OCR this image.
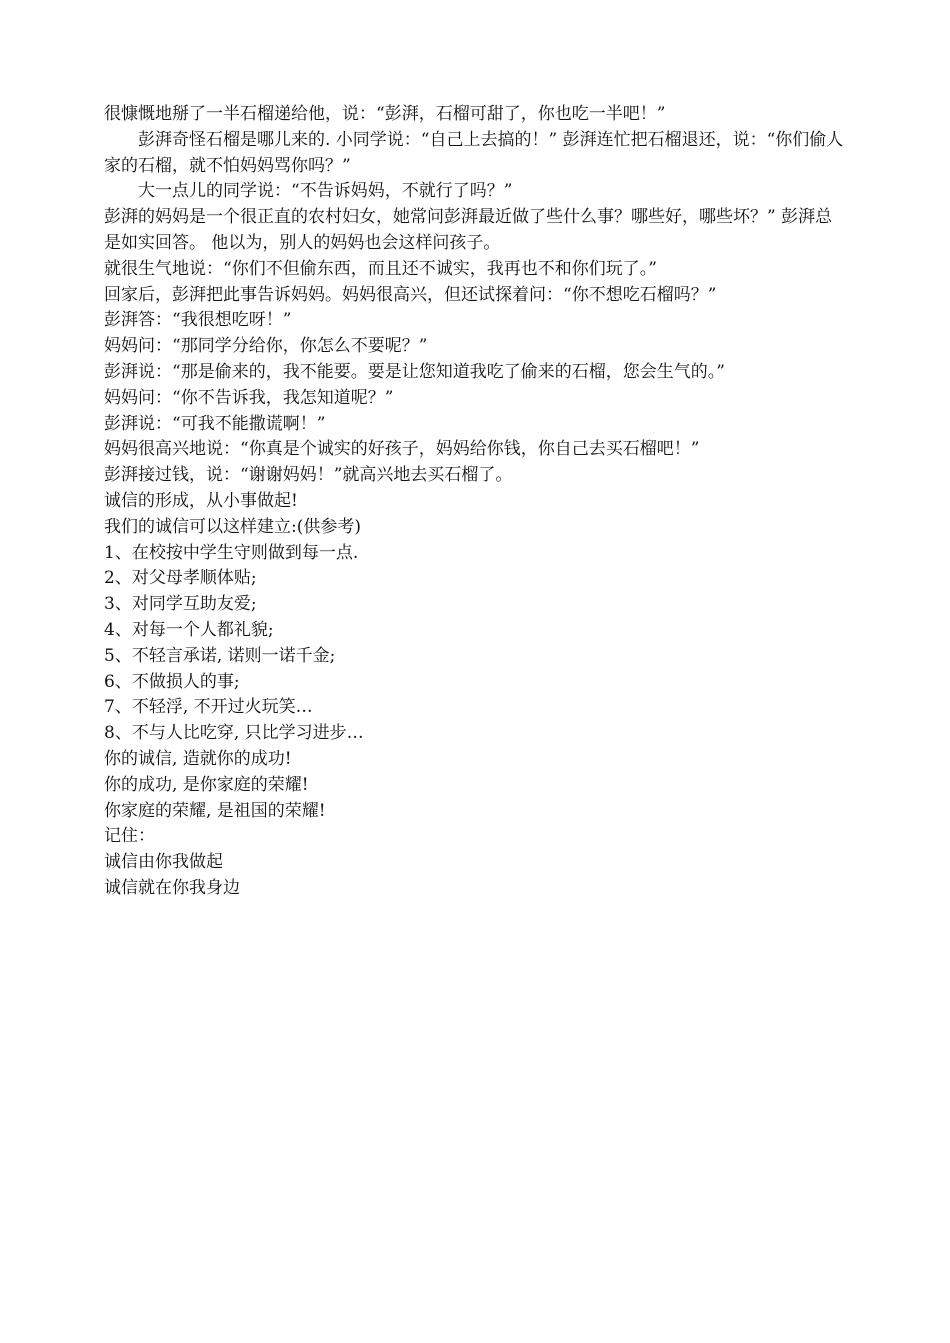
很慷慨地掰了一半石榴递给他，说：“彭湃，石榴可甜了，你也吃一半吧！”

彭湃奇怪石榴是哪儿来的. 小同学说：“自己上去搞的！” 彭湃连忙把石榴退还，说：“你们偷人家的石榴，就不怕妈妈骂你吗？”

大一点儿的同学说：“不告诉妈妈，不就行了吗？”

彭湃的妈妈是一个很正直的农村妇女，她常问彭湃最近做了些什么事？哪些好，哪些坏？” 彭湃总是如实回答。 他以为，别人的妈妈也会这样问孩子。

就很生气地说：“你们不但偷东西，而且还不诚实，我再也不和你们玩了。”

回家后，彭湃把此事告诉妈妈。妈妈很高兴，但还试探着问：“你不想吃石榴吗？”

彭湃答：“我很想吃呀！”

妈妈问：“那同学分给你，你怎么不要呢？”

彭湃说：“那是偷来的，我不能要。要是让您知道我吃了偷来的石榴，您会生气的。”

妈妈问：“你不告诉我，我怎知道呢？”

彭湃说：“可我不能撒谎啊！”

妈妈很高兴地说：“你真是个诚实的好孩子，妈妈给你钱，你自己去买石榴吧！”

彭湃接过钱，说：“谢谢妈妈！”就高兴地去买石榴了。

诚信的形成，从小事做起!

我们的诚信可以这样建立:(供参考)

1、在校按中学生守则做到每一点.

2、对父母孝顺体贴;

3、对同学互助友爱;

4、对每一个人都礼貌;

5、不轻言承诺, 诺则一诺千金;

6、不做损人的事;

7、不轻浮, 不开过火玩笑…

8、不与人比吃穿, 只比学习进步…

你的诚信, 造就你的成功!

你的成功, 是你家庭的荣耀!

你家庭的荣耀, 是祖国的荣耀!

记住：

诚信由你我做起

诚信就在你我身边
